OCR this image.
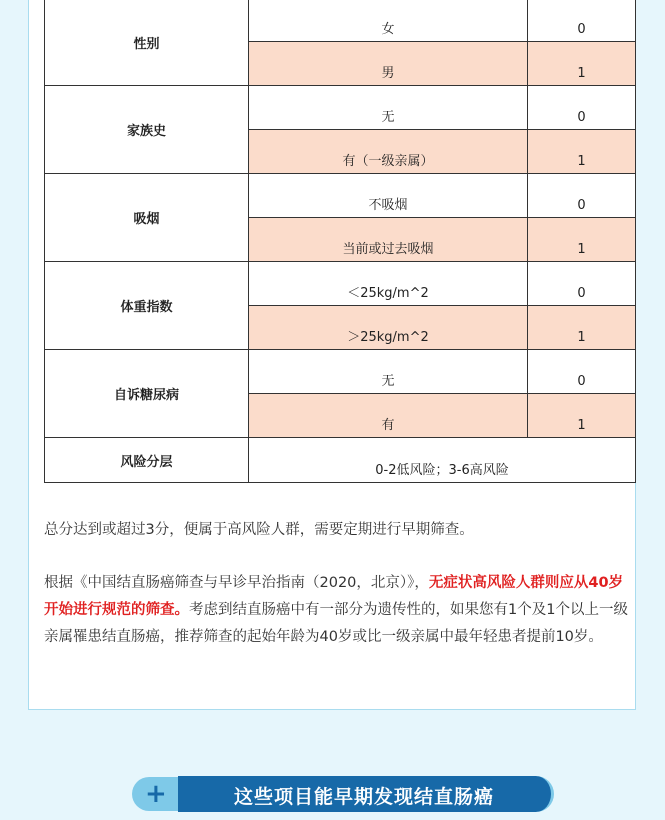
性别	女	0
	男	1
家族史	无	0
	有（一级亲属）	1
吸烟	不吸烟	0
	当前或过去吸烟	1
体重指数	＜25kg/m^2	0
	＞25kg/m^2	1
自诉糖尿病	无	0
	有	1
风险分层	0-2低风险；3-6高风险	

总分达到或超过3分，便属于高风险人群，需要定期进行早期筛查。

根据《中国结直肠癌筛查与早诊早治指南（2020，北京）》，无症状高风险人群则应从40岁开始进行规范的筛查。考虑到结直肠癌中有一部分为遗传性的，如果您有1个及1个以上一级亲属罹患结直肠癌，推荐筛查的起始年龄为40岁或比一级亲属中最年轻患者提前10岁。

+	这些项目能早期发现结直肠癌
